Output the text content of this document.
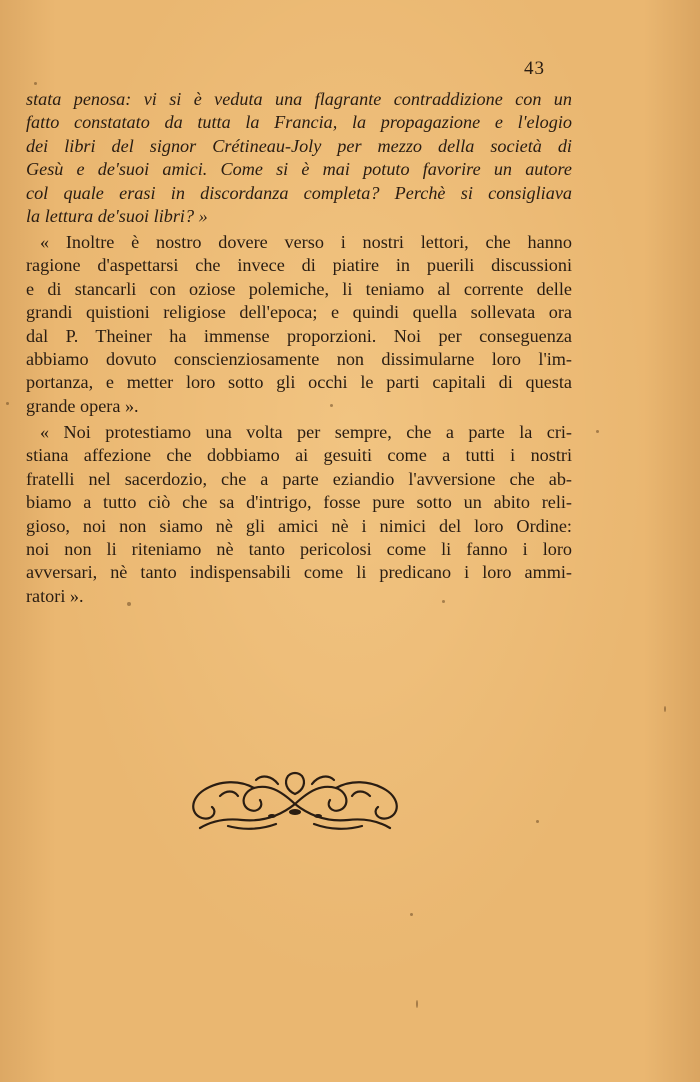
43
stata penosa: vi si è veduta una flagrante contraddizione con un
fatto constatato da tutta la Francia, la propagazione e l'elogio
dei libri del signor Crétineau-Joly per mezzo della società di
Gesù e de'suoi amici. Come si è mai potuto favorire un autore
col quale erasi in discordanza completa? Perchè si consigliava
la lettura de'suoi libri? »
« Inoltre è nostro dovere verso i nostri lettori, che hanno
ragione d'aspettarsi che invece di piatire in puerili discussioni
e di stancarli con oziose polemiche, li teniamo al corrente delle
grandi quistioni religiose dell'epoca; e quindi quella sollevata ora
dal P. Theiner ha immense proporzioni. Noi per conseguenza
abbiamo dovuto conscienziosamente non dissimularne loro l'im-
portanza, e metter loro sotto gli occhi le parti capitali di questa
grande opera ».
« Noi protestiamo una volta per sempre, che a parte la cri-
stiana affezione che dobbiamo ai gesuiti come a tutti i nostri
fratelli nel sacerdozio, che a parte eziandio l'avversione che ab-
biamo a tutto ciò che sa d'intrigo, fosse pure sotto un abito reli-
gioso, noi non siamo nè gli amici nè i nimici del loro Ordine:
noi non li riteniamo nè tanto pericolosi come li fanno i loro
avversari, nè tanto indispensabili come li predicano i loro ammi-
ratori ».
